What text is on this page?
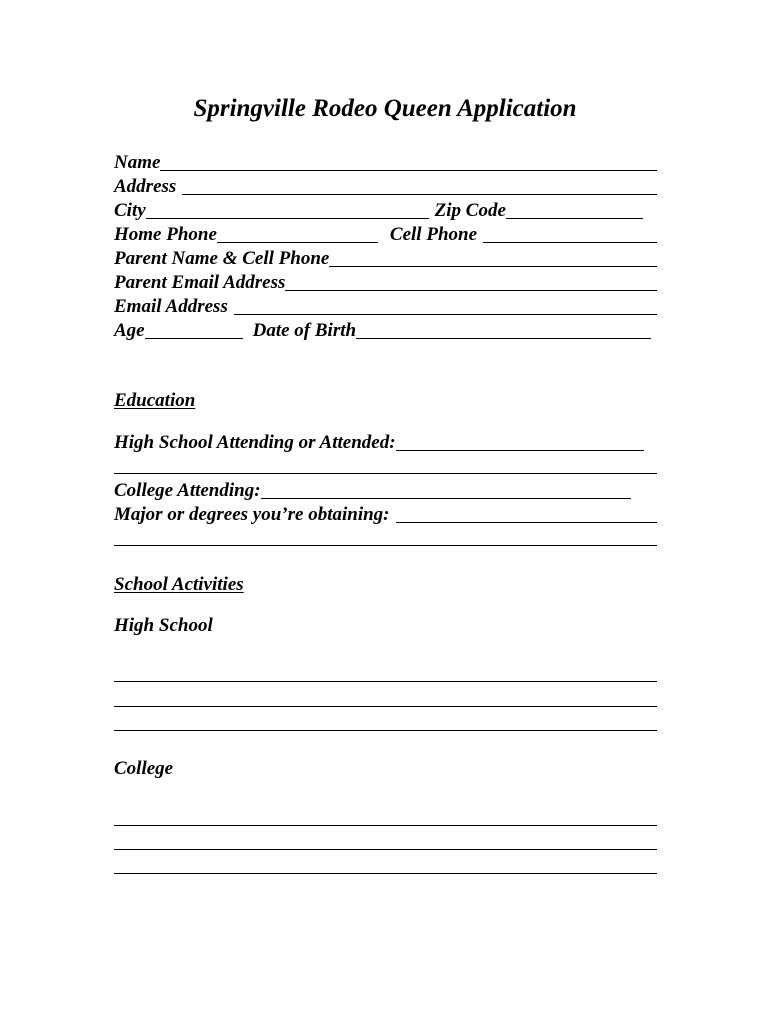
Springville Rodeo Queen Application
Name
Address
City	Zip Code
Home Phone	Cell Phone
Parent Name & Cell Phone
Parent Email Address
Email Address
Age	Date of Birth
Education
High School Attending or Attended:
College Attending:
Major or degrees you’re obtaining:
School Activities
High School
College
